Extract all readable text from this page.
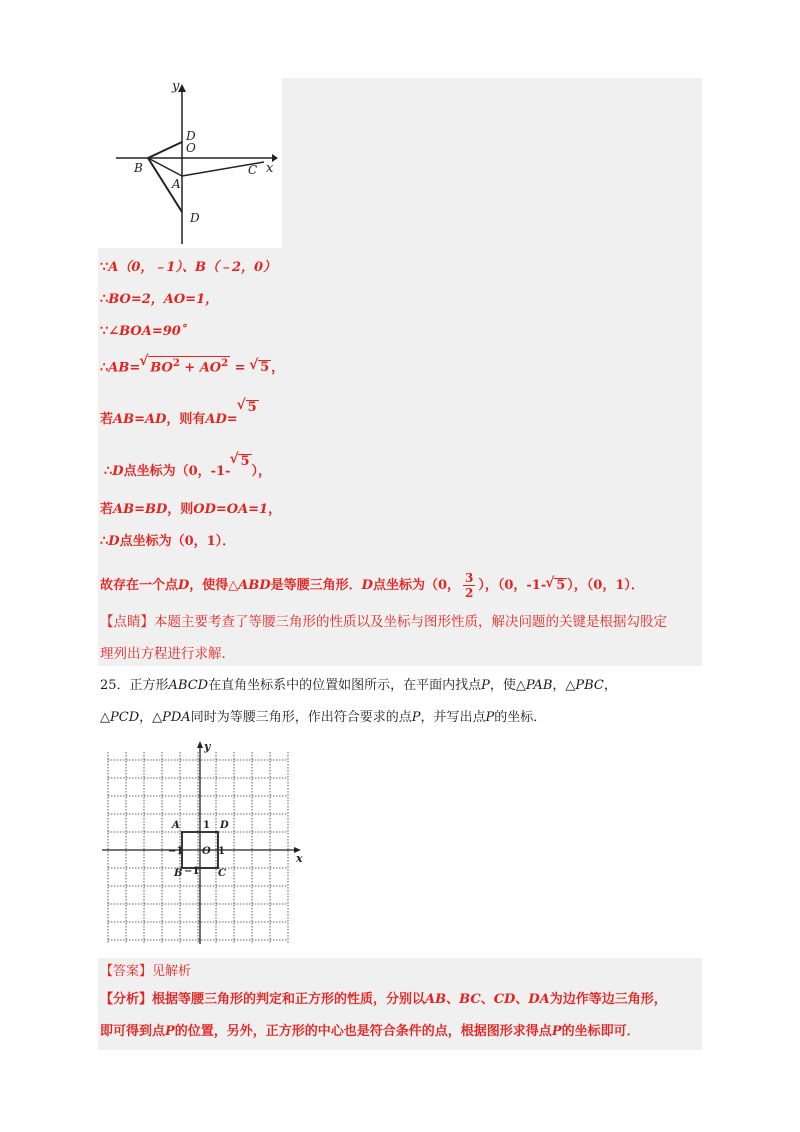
y
x
O
D
B
A
C
D
∵A（0，﹣1）、B（﹣2，0）
∴BO=2，AO=1，
∵∠BOA=90゜
∴AB= √ $BO^2 + AO^2$ = √ 5 ，
若AB=AD，则有AD=√ 5
∴D点坐标为（0，-1-√ 5），
若AB=BD，则OD=OA=1，
∴D点坐标为（0，1）．
故存在一个点D，使得△ABD是等腰三角形．D点坐标为（0， $\frac{3}{2}$ ），（0，-1- √ 5 ），（0，1）．
【点睛】本题主要考查了等腰三角形的性质以及坐标与图形性质，解决问题的关键是根据勾股定
理列出方程进行求解．
25．正方形ABCD在直角坐标系中的位置如图所示，在平面内找点P，使△PAB，△PBC，
△PCD，△PDA同时为等腰三角形，作出符合要求的点P，并写出点P的坐标．
y
x
A 1 D
−1 O 1
B −1 C
【答案】见解析
【分析】根据等腰三角形的判定和正方形的性质，分别以AB、BC、CD、DA为边作等边三角形，
即可得到点P的位置，另外，正方形的中心也是符合条件的点，根据图形求得点P的坐标即可．
